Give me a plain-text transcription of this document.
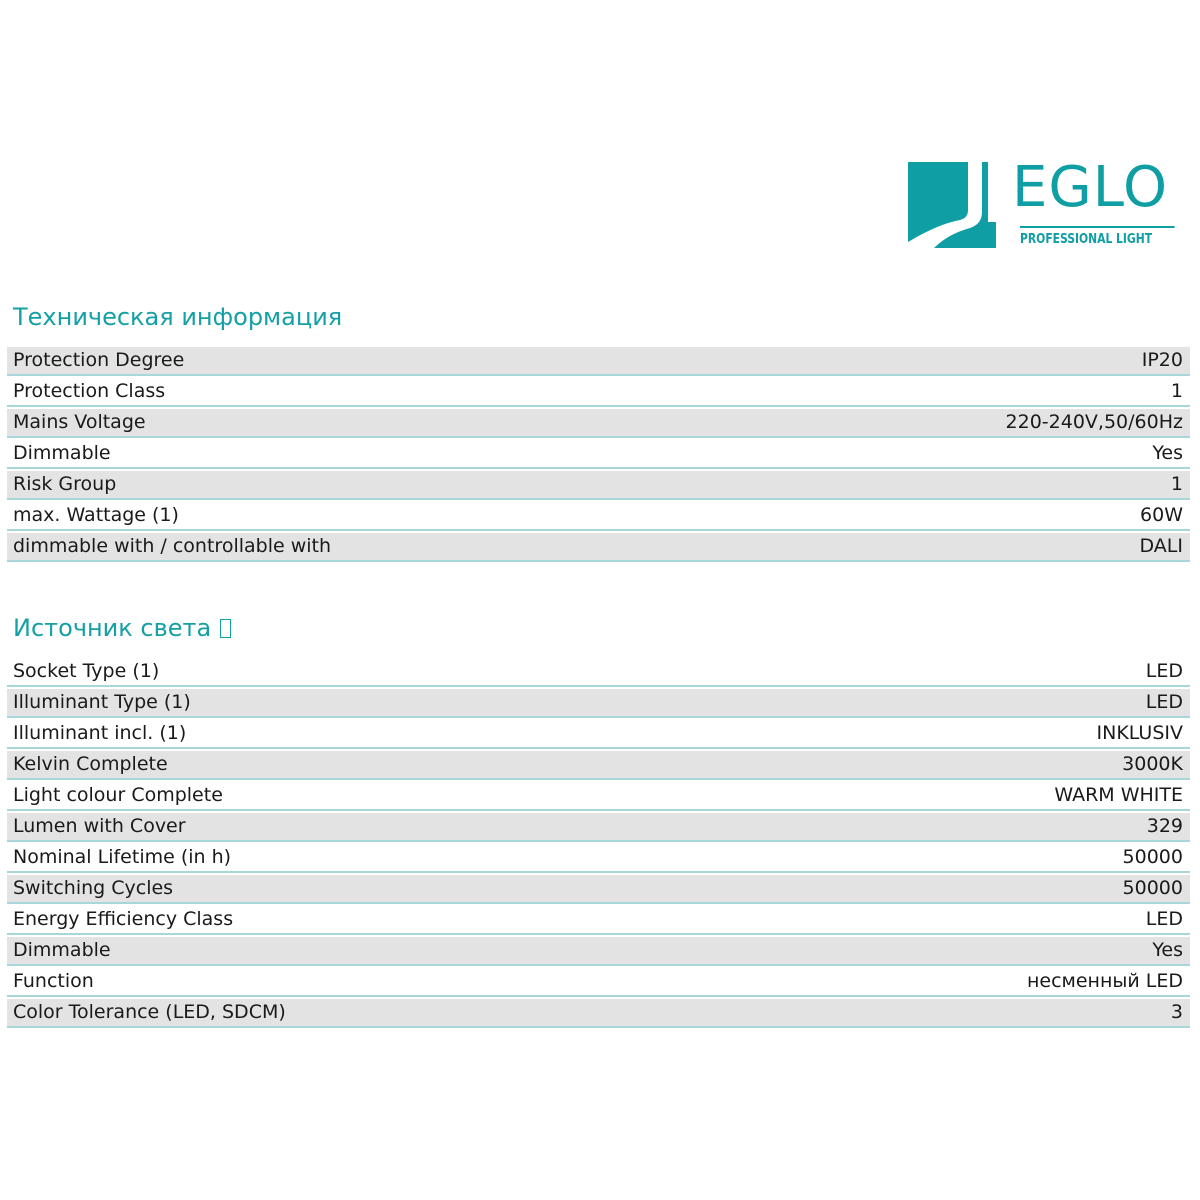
EGLO
PROFESSIONAL LIGHT
Техническая информация
Protection Degree	IP20
Protection Class	1
Mains Voltage	220-240V,50/60Hz
Dimmable	Yes
Risk Group	1
max. Wattage (1)	60W
dimmable with / controllable with	DALI
Источник света
Socket Type (1)	LED
Illuminant Type (1)	LED
Illuminant incl. (1)	INKLUSIV
Kelvin Complete	3000K
Light colour Complete	WARM WHITE
Lumen with Cover	329
Nominal Lifetime (in h)	50000
Switching Cycles	50000
Energy Efficiency Class	LED
Dimmable	Yes
Function	несменный LED
Color Tolerance (LED, SDCM)	3
